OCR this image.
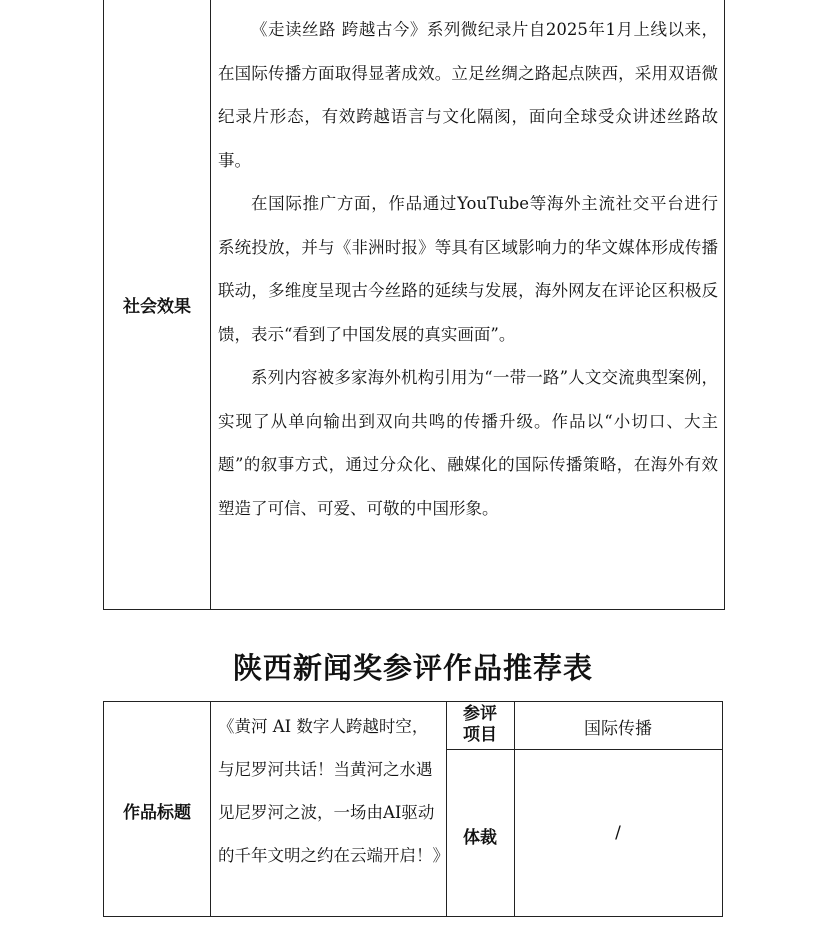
社会效果

《走读丝路 跨越古今》系列微纪录片自2025年1月上线以来，在国际传播方面取得显著成效。立足丝绸之路起点陕西，采用双语微纪录片形态，有效跨越语言与文化隔阂，面向全球受众讲述丝路故事。

在国际推广方面，作品通过YouTube等海外主流社交平台进行系统投放，并与《非洲时报》等具有区域影响力的华文媒体形成传播联动，多维度呈现古今丝路的延续与发展，海外网友在评论区积极反馈，表示“看到了中国发展的真实画面”。

系列内容被多家海外机构引用为“一带一路”人文交流典型案例，实现了从单向输出到双向共鸣的传播升级。作品以“小切口、大主题”的叙事方式，通过分众化、融媒化的国际传播策略，在海外有效塑造了可信、可爱、可敬的中国形象。

陕西新闻奖参评作品推荐表
作品标题
《黄河 AI 数字人跨越时空，与尼罗河共话！当黄河之水遇见尼罗河之波，一场由AI驱动的千年文明之约在云端开启！》
参评项目	国际传播
体裁	/
